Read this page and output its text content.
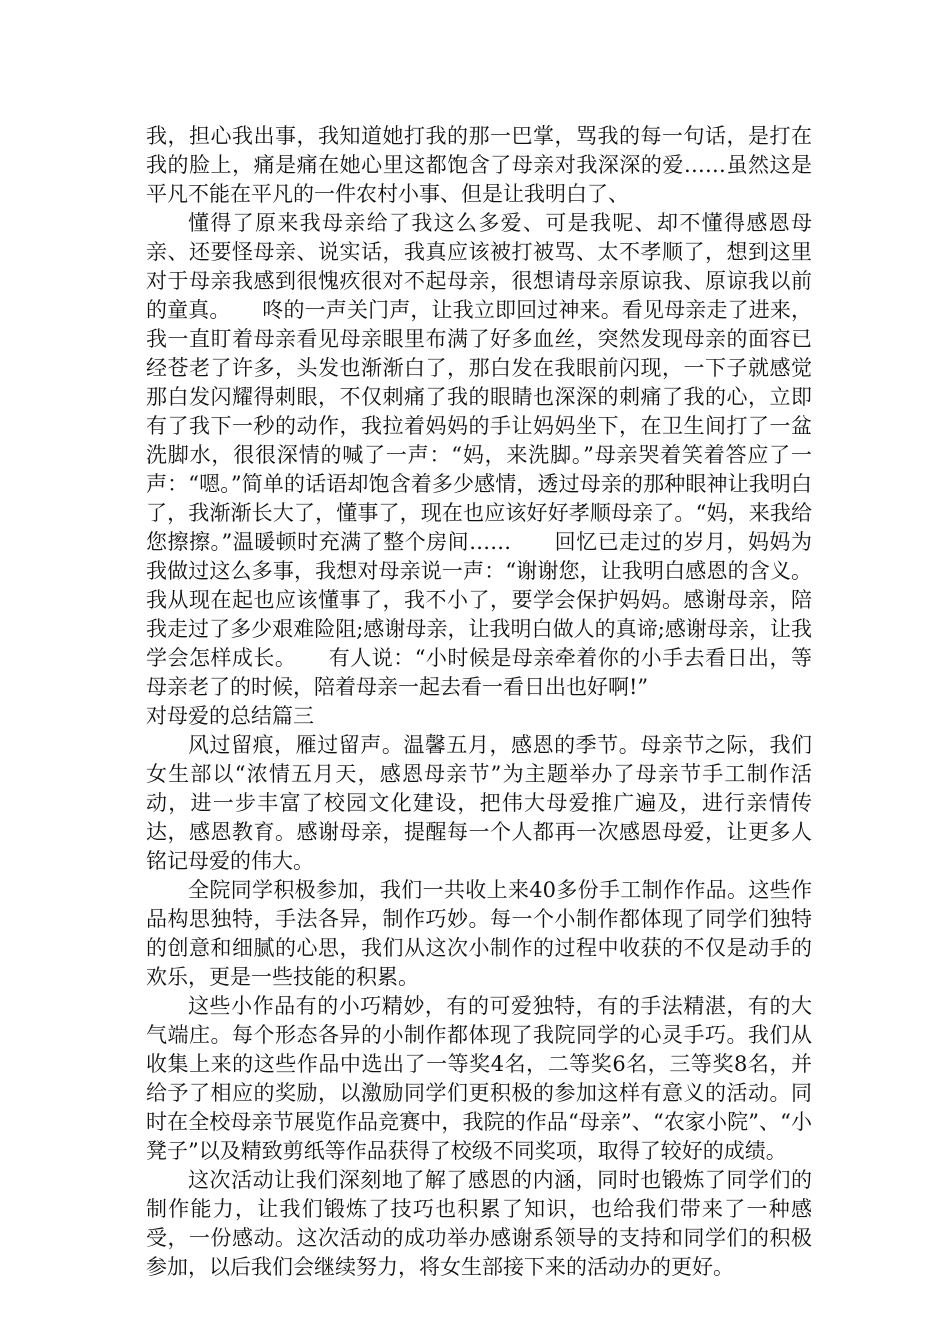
我，担心我出事，我知道她打我的那一巴掌，骂我的每一句话，是打在我的脸上，痛是痛在她心里这都饱含了母亲对我深深的爱……虽然这是平凡不能在平凡的一件农村小事、但是让我明白了、

懂得了原来我母亲给了我这么多爱、可是我呢、却不懂得感恩母亲、还要怪母亲、说实话，我真应该被打被骂、太不孝顺了，想到这里对于母亲我感到很愧疚很对不起母亲，很想请母亲原谅我、原谅我以前的童真。　　咚的一声关门声，让我立即回过神来。看见母亲走了进来，我一直盯着母亲看见母亲眼里布满了好多血丝，突然发现母亲的面容已经苍老了许多，头发也渐渐白了，那白发在我眼前闪现，一下子就感觉那白发闪耀得刺眼，不仅刺痛了我的眼睛也深深的刺痛了我的心，立即有了我下一秒的动作，我拉着妈妈的手让妈妈坐下，在卫生间打了一盆洗脚水，很很深情的喊了一声：“妈，来洗脚。”母亲哭着笑着答应了一声：“嗯。”简单的话语却饱含着多少感情，透过母亲的那种眼神让我明白了，我渐渐长大了，懂事了，现在也应该好好孝顺母亲了。“妈，来我给您擦擦。”温暖顿时充满了整个房间……　　回忆已走过的岁月，妈妈为我做过这么多事，我想对母亲说一声：“谢谢您，让我明白感恩的含义。我从现在起也应该懂事了，我不小了，要学会保护妈妈。感谢母亲，陪我走过了多少艰难险阻;感谢母亲，让我明白做人的真谛;感谢母亲，让我学会怎样成长。　　有人说：“小时候是母亲牵着你的小手去看日出，等母亲老了的时候，陪着母亲一起去看一看日出也好啊!”

对母爱的总结篇三

风过留痕，雁过留声。温馨五月，感恩的季节。母亲节之际，我们女生部以“浓情五月天，感恩母亲节”为主题举办了母亲节手工制作活动，进一步丰富了校园文化建设，把伟大母爱推广遍及，进行亲情传达，感恩教育。感谢母亲，提醒每一个人都再一次感恩母爱，让更多人铭记母爱的伟大。

全院同学积极参加，我们一共收上来40多份手工制作作品。这些作品构思独特，手法各异，制作巧妙。每一个小制作都体现了同学们独特的创意和细腻的心思，我们从这次小制作的过程中收获的不仅是动手的欢乐，更是一些技能的积累。

这些小作品有的小巧精妙，有的可爱独特，有的手法精湛，有的大气端庄。每个形态各异的小制作都体现了我院同学的心灵手巧。我们从收集上来的这些作品中选出了一等奖4名，二等奖6名，三等奖8名，并给予了相应的奖励，以激励同学们更积极的参加这样有意义的活动。同时在全校母亲节展览作品竞赛中，我院的作品“母亲”、“农家小院”、“小凳子”以及精致剪纸等作品获得了校级不同奖项，取得了较好的成绩。

这次活动让我们深刻地了解了感恩的内涵，同时也锻炼了同学们的制作能力，让我们锻炼了技巧也积累了知识，也给我们带来了一种感受，一份感动。这次活动的成功举办感谢系领导的支持和同学们的积极参加，以后我们会继续努力，将女生部接下来的活动办的更好。
